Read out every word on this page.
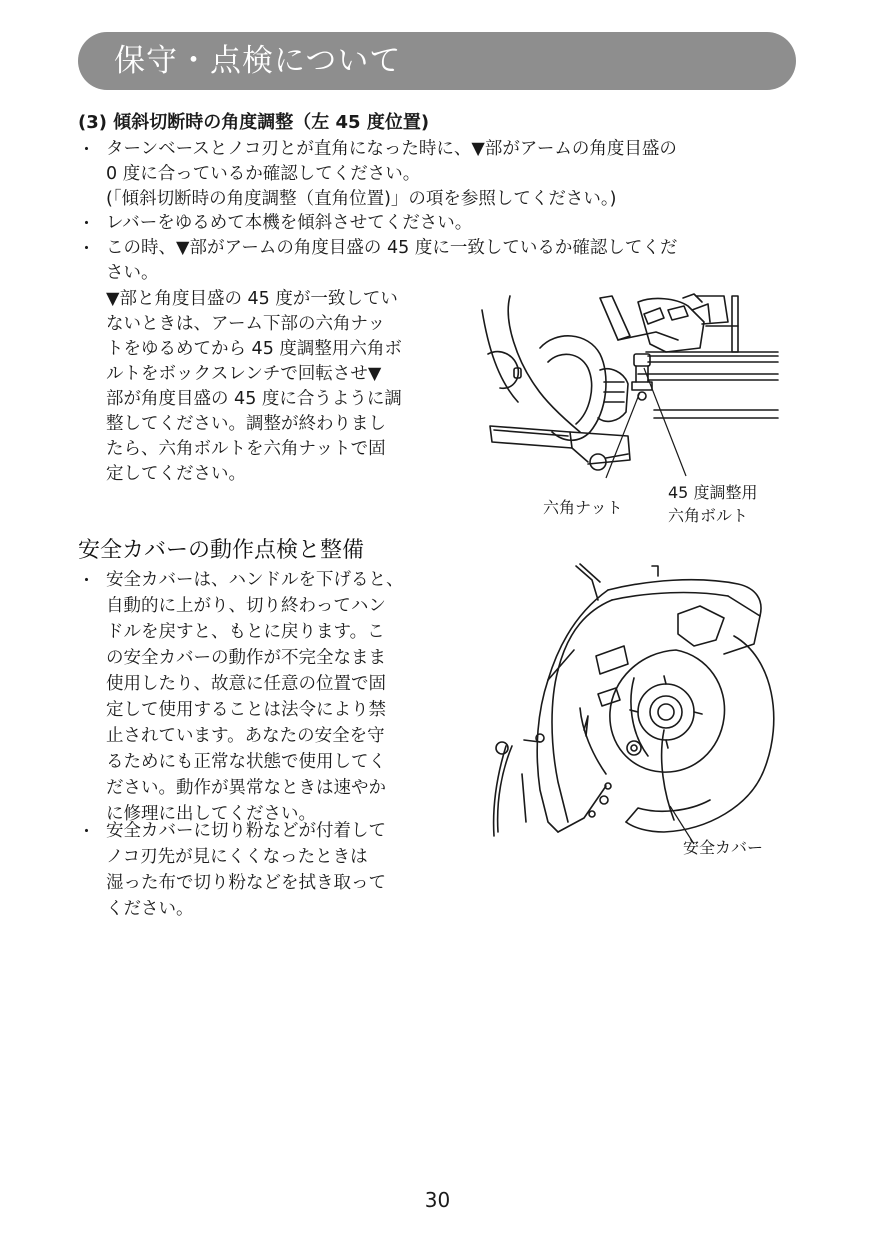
保守・点検について
(3) 傾斜切断時の角度調整（左 45 度位置)
・ ターンベースとノコ刃とが直角になった時に、▼部がアームの角度目盛の

0 度に合っているか確認してください。

(｢傾斜切断時の角度調整（直角位置)」の項を参照してください。)

・ レバーをゆるめて本機を傾斜させてください。

・ この時、▼部がアームの角度目盛の 45 度に一致しているか確認してくだ

さい。

▼部と角度目盛の 45 度が一致してい

ないときは、アーム下部の六角ナッ

トをゆるめてから 45 度調整用六角ボ

ルトをボックスレンチで回転させ▼

部が角度目盛の 45 度に合うように調

整してください。調整が終わりまし

たら、六角ボルトを六角ナットで固

定してください。

六角ナット

45 度調整用

六角ボルト

安全カバーの動作点検と整備
・ 安全カバーは、ハンドルを下げると、

自動的に上がり、切り終わってハン

ドルを戻すと、もとに戻ります。こ

の安全カバーの動作が不完全なまま

使用したり、故意に任意の位置で固

定して使用することは法令により禁

止されています。あなたの安全を守

るためにも正常な状態で使用してく

ださい。動作が異常なときは速やか

に修理に出してください。

・ 安全カバーに切り粉などが付着して

ノコ刃先が見にくくなったときは

湿った布で切り粉などを拭き取って

ください。

安全カバー

30
